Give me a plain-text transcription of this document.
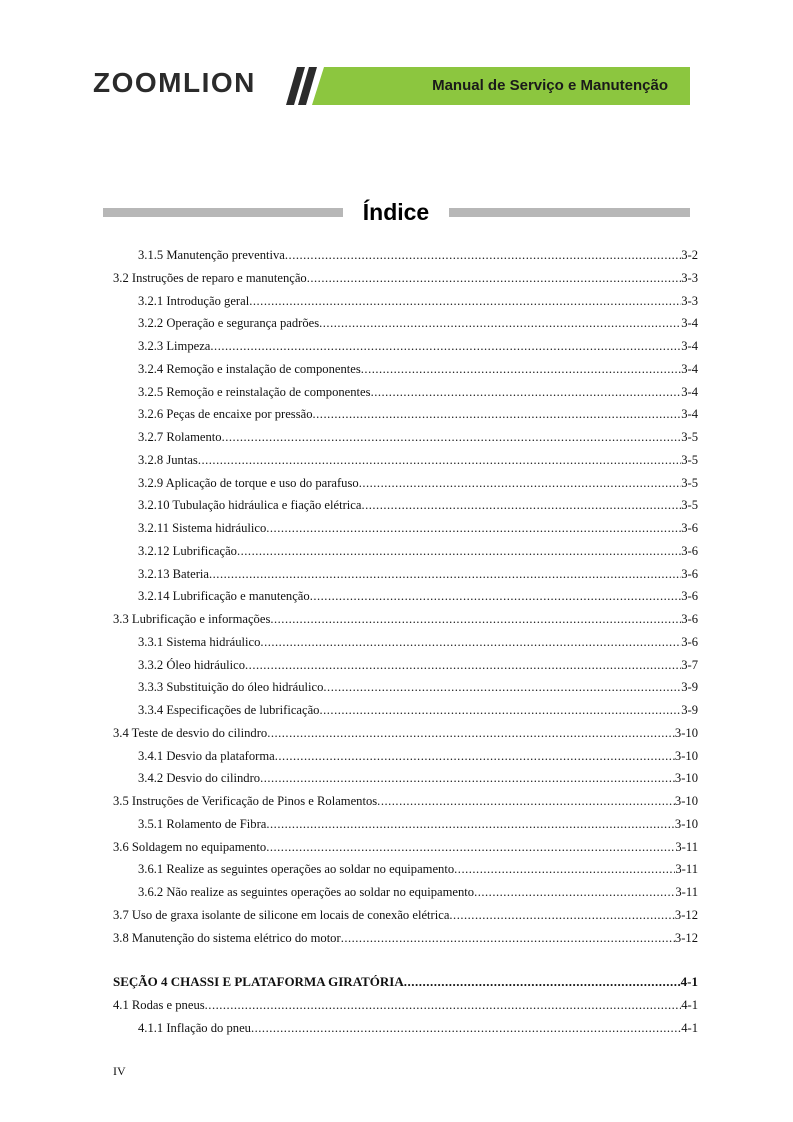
ZOOMLION	Manual de Serviço e Manutenção
Índice
3.1.5 Manutenção preventiva .....	3-2
3.2 Instruções de reparo e manutenção .....	3-3
3.2.1 Introdução geral .....	3-3
3.2.2 Operação e segurança padrões .....	3-4
3.2.3 Limpeza .....	3-4
3.2.4 Remoção e instalação de componentes .....	3-4
3.2.5 Remoção e reinstalação de componentes .....	3-4
3.2.6 Peças de encaixe por pressão .....	3-4
3.2.7 Rolamento .....	3-5
3.2.8 Juntas .....	3-5
3.2.9 Aplicação de torque e uso do parafuso .....	3-5
3.2.10 Tubulação hidráulica e fiação elétrica .....	3-5
3.2.11 Sistema hidráulico .....	3-6
3.2.12 Lubrificação .....	3-6
3.2.13 Bateria .....	3-6
3.2.14 Lubrificação e manutenção .....	3-6
3.3 Lubrificação e informações .....	3-6
3.3.1 Sistema hidráulico .....	3-6
3.3.2 Óleo hidráulico .....	3-7
3.3.3 Substituição do óleo hidráulico .....	3-9
3.3.4 Especificações de lubrificação .....	3-9
3.4 Teste de desvio do cilindro .....	3-10
3.4.1 Desvio da plataforma .....	3-10
3.4.2 Desvio do cilindro .....	3-10
3.5 Instruções de Verificação de Pinos e Rolamentos .....	3-10
3.5.1 Rolamento de Fibra .....	3-10
3.6 Soldagem no equipamento .....	3-11
3.6.1 Realize as seguintes operações ao soldar no equipamento .....	3-11
3.6.2 Não realize as seguintes operações ao soldar no equipamento .....	3-11
3.7 Uso de graxa isolante de silicone em locais de conexão elétrica .....	3-12
3.8 Manutenção do sistema elétrico do motor .....	3-12
SEÇÃO 4 CHASSI E PLATAFORMA GIRATÓRIA .....	4-1
4.1 Rodas e pneus .....	4-1
4.1.1 Inflação do pneu .....	4-1
IV
